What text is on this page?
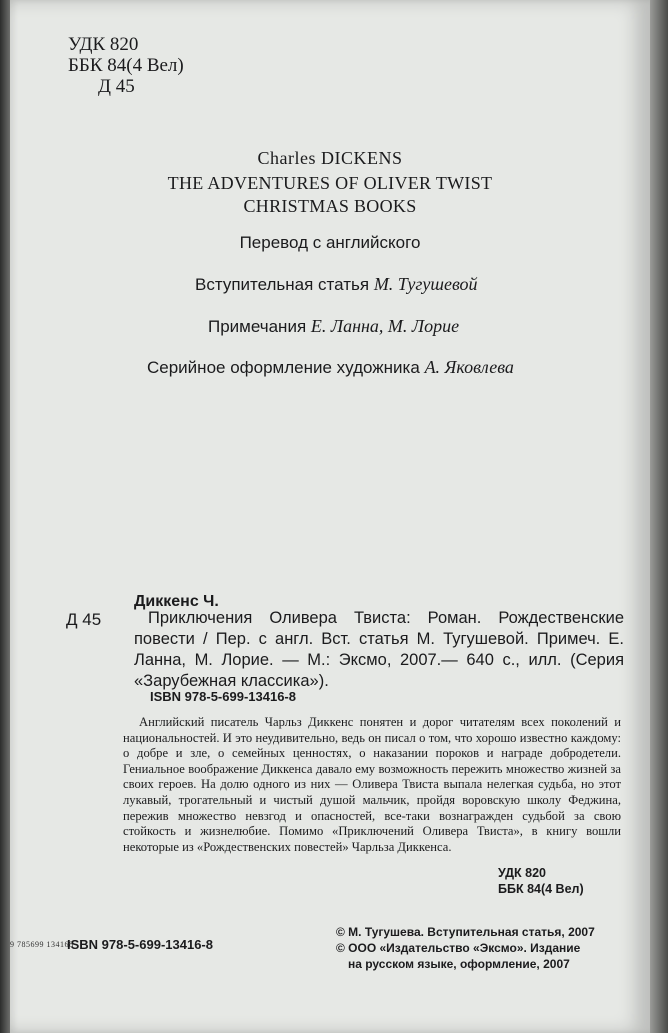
УДК 820
ББК 84(4 Вел)
Д 45
Charles DICKENS
THE ADVENTURES OF OLIVER TWIST
CHRISTMAS BOOKS
Перевод с английского
Вступительная статья М. Тугушевой
Примечания Е. Ланна, М. Лорие
Серийное оформление художника А. Яковлева
Диккенс Ч.
Д 45	Приключения Оливера Твиста: Роман. Рождественские повести / Пер. с англ. Вст. статья М. Тугушевой. Примеч. Е. Ланна, М. Лорие. — М.: Эксмо, 2007.— 640 с., илл. (Серия «Зарубежная классика»).
ISBN 978-5-699-13416-8
Английский писатель Чарльз Диккенс понятен и дорог читателям всех поколений и национальностей. И это неудивительно, ведь он писал о том, что хорошо известно каждому: о добре и зле, о семейных ценностях, о наказании пороков и награде добродетели. Гениальное воображение Диккенса давало ему возможность пережить множество жизней за своих героев. На долю одного из них — Оливера Твиста выпала нелегкая судьба, но этот лукавый, трогательный и чистый душой мальчик, пройдя воровскую школу Феджина, пережив множество невзгод и опасностей, все-таки вознагражден судьбой за свою стойкость и жизнелюбие. Помимо «Приключений Оливера Твиста», в книгу вошли некоторые из «Рождественских повестей» Чарльза Диккенса.
УДК 820
ББК 84(4 Вел)
9 785699 134168
ISBN 978-5-699-13416-8
© М. Тугушева. Вступительная статья, 2007
© ООО «Издательство «Эксмо». Издание
на русском языке, оформление, 2007
